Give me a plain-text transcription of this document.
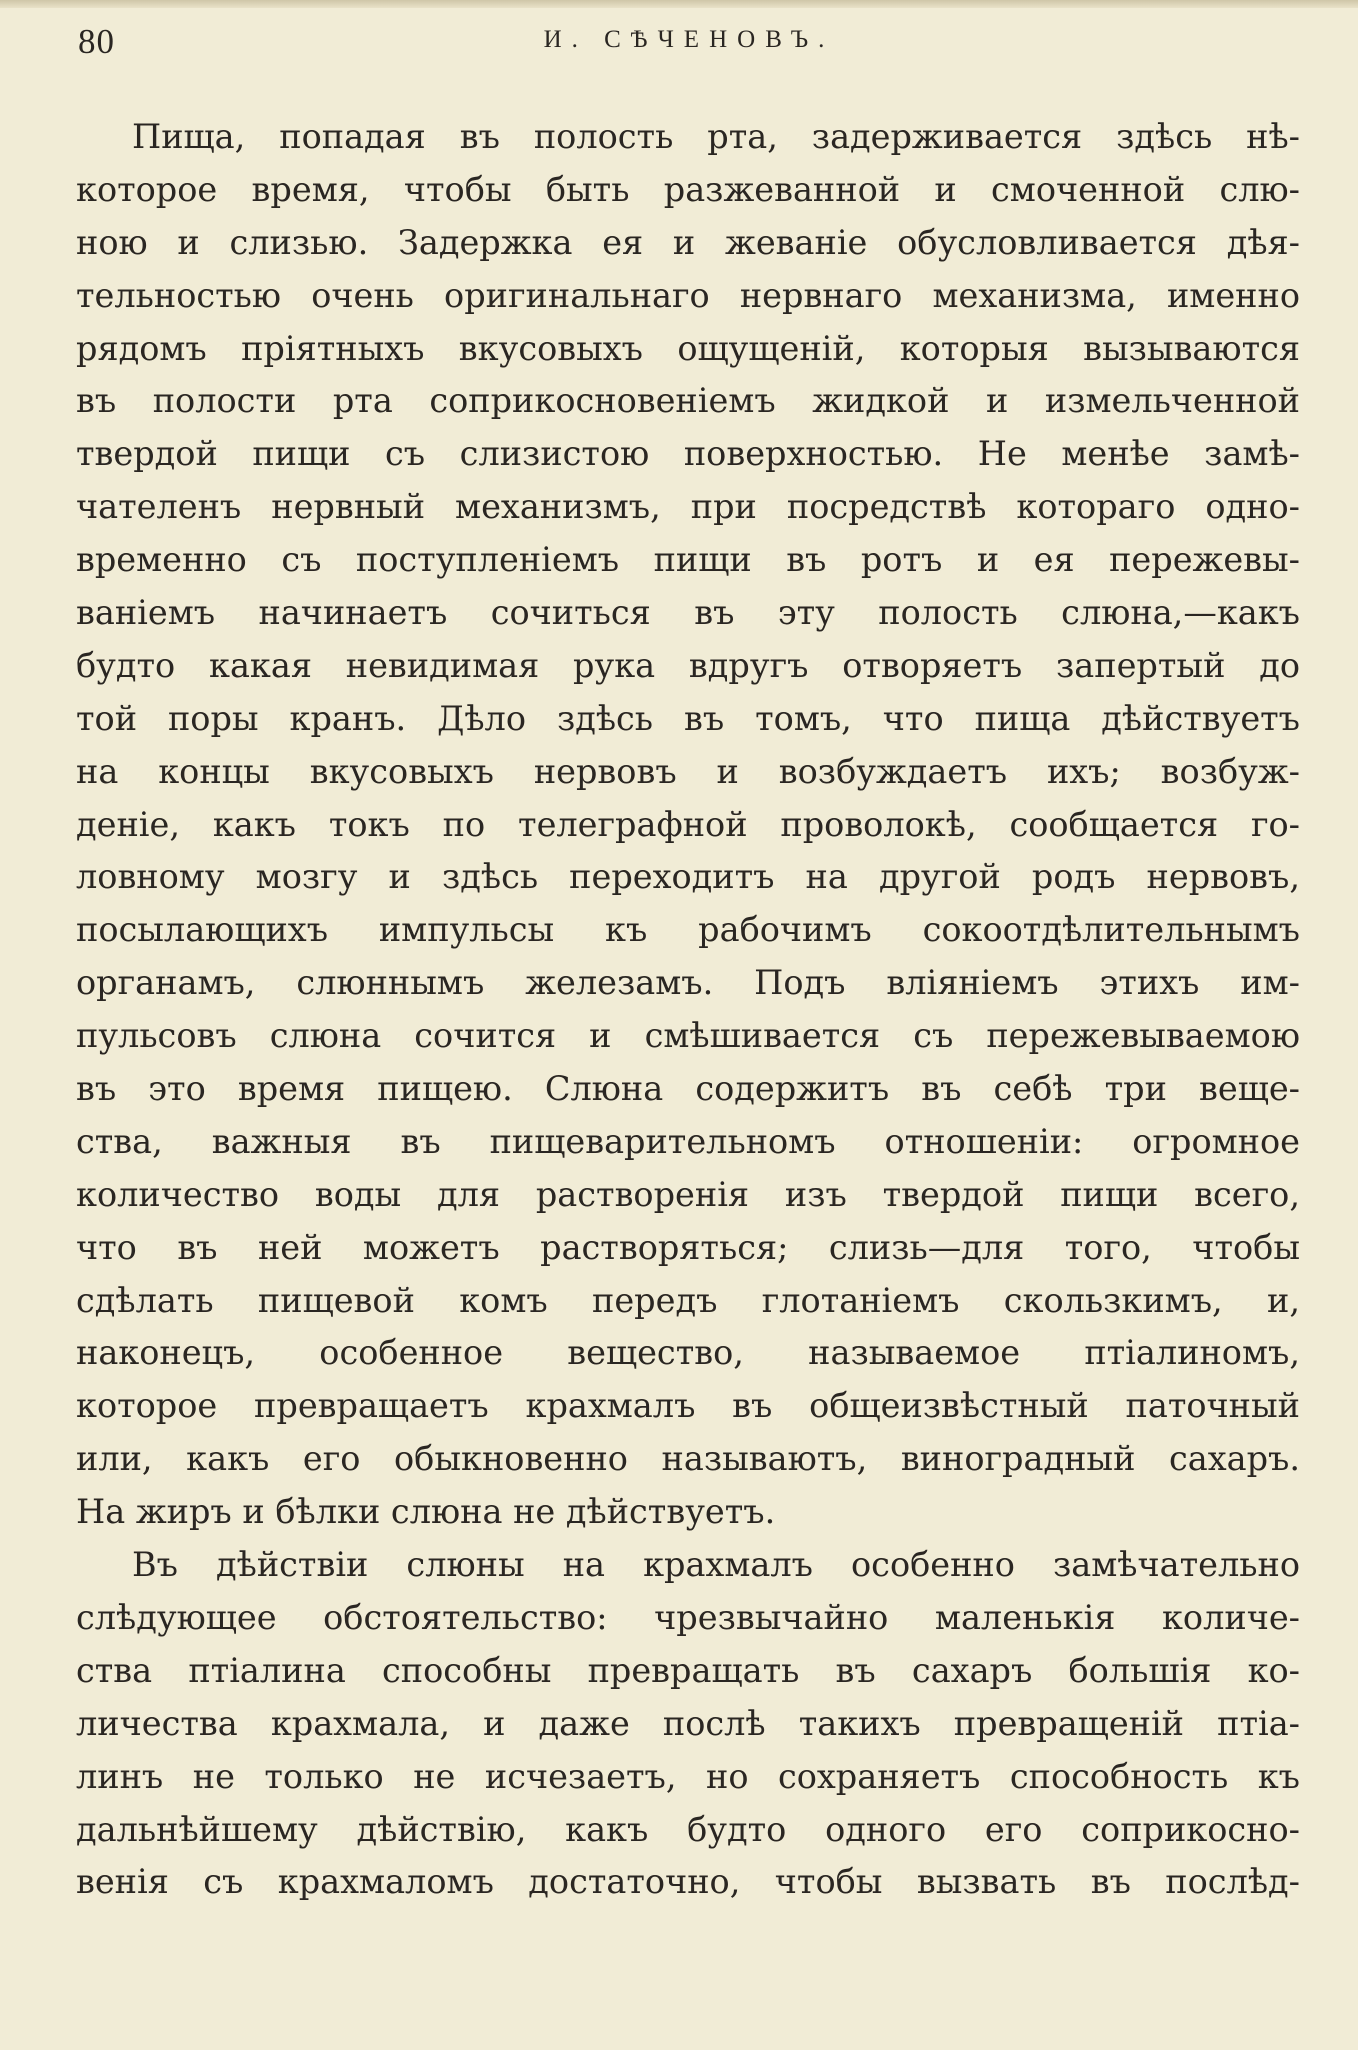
80	И. СѢЧЕНОВЪ.
Пища, попадая въ полость рта, задерживается здѣсь нѣ-
которое время, чтобы быть разжеванной и смоченной слю-
ною и слизью. Задержка ея и жеванiе обусловливается дѣя-
тельностью очень оригинальнаго нервнаго механизма, именно
рядомъ прiятныхъ вкусовыхъ ощущенiй, которыя вызываются
въ полости рта соприкосновенiемъ жидкой и измельченной
твердой пищи съ слизистою поверхностью. Не менѣе замѣ-
чателенъ нервный механизмъ, при посредствѣ котораго одно-
временно съ поступленiемъ пищи въ ротъ и ея пережевы-
ванiемъ начинаетъ сочиться въ эту полость слюна,—какъ
будто какая невидимая рука вдругъ отворяетъ запертый до
той поры кранъ. Дѣло здѣсь въ томъ, что пища дѣйствуетъ
на концы вкусовыхъ нервовъ и возбуждаетъ ихъ; возбуж-
денiе, какъ токъ по телеграфной проволокѣ, сообщается го-
ловному мозгу и здѣсь переходитъ на другой родъ нервовъ,
посылающихъ импульсы къ рабочимъ сокоотдѣлительнымъ
органамъ, слюннымъ железамъ. Подъ влiянiемъ этихъ им-
пульсовъ слюна сочится и смѣшивается съ пережевываемою
въ это время пищею. Слюна содержитъ въ себѣ три веще-
ства, важныя въ пищеварительномъ отношенiи: огромное
количество воды для растворенiя изъ твердой пищи всего,
что въ ней можетъ растворяться; слизь—для того, чтобы
сдѣлать пищевой комъ передъ глотанiемъ скользкимъ, и,
наконецъ, особенное вещество, называемое птiалиномъ,
которое превращаетъ крахмалъ въ общеизвѣстный паточный
или, какъ его обыкновенно называютъ, виноградный сахаръ.
На жиръ и бѣлки слюна не дѣйствуетъ.
Въ дѣйствiи слюны на крахмалъ особенно замѣчательно
слѣдующее обстоятельство: чрезвычайно маленькiя количе-
ства птiалина способны превращать въ сахаръ большiя ко-
личества крахмала, и даже послѣ такихъ превращенiй птiа-
линъ не только не исчезаетъ, но сохраняетъ способность къ
дальнѣйшему дѣйствiю, какъ будто одного его соприкосно-
венiя съ крахмаломъ достаточно, чтобы вызвать въ послѣд-
